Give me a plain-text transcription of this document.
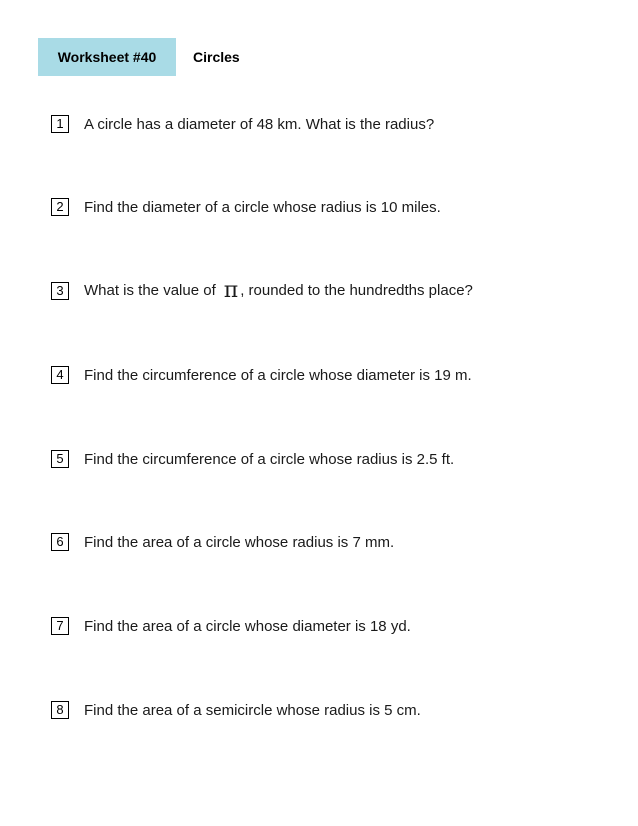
Worksheet #40	Circles
1	A circle has a diameter of 48 km. What is the radius?
2	Find the diameter of a circle whose radius is 10 miles.
3	What is the value of π , rounded to the hundredths place?
4	Find the circumference of a circle whose diameter is 19 m.
5	Find the circumference of a circle whose radius is 2.5 ft.
6	Find the area of a circle whose radius is 7 mm.
7	Find the area of a circle whose diameter is 18 yd.
8	Find the area of a semicircle whose radius is 5 cm.
